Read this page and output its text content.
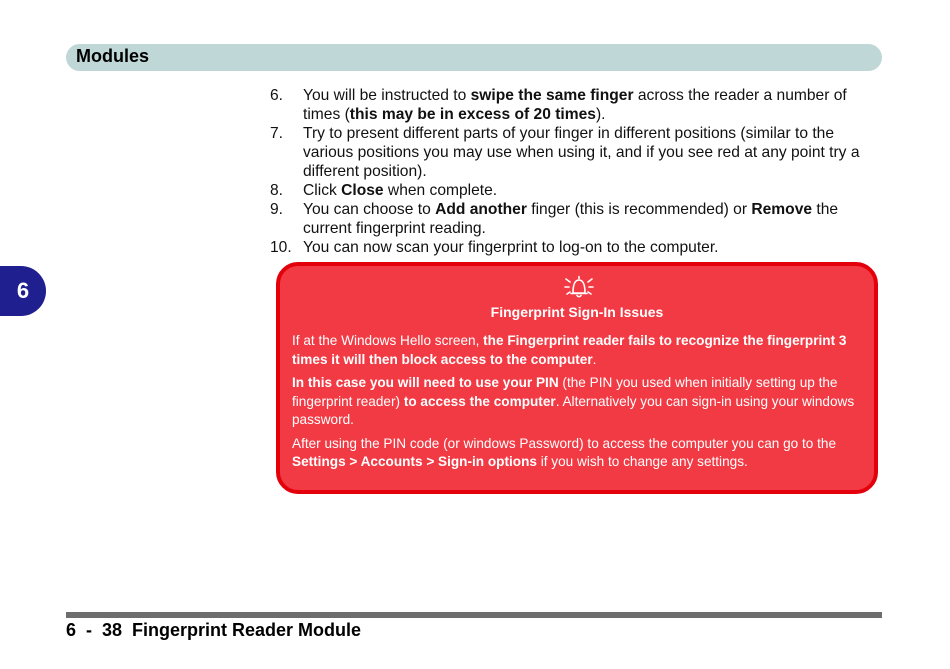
Modules
6
6. You will be instructed to swipe the same finger across the reader a number of times (this may be in excess of 20 times).
7. Try to present different parts of your finger in different positions (similar to the various positions you may use when using it, and if you see red at any point try a different position).
8. Click Close when complete.
9. You can choose to Add another finger (this is recommended) or Remove the current fingerprint reading.
10. You can now scan your fingerprint to log-on to the computer.
Fingerprint Sign-In Issues

If at the Windows Hello screen, the Fingerprint reader fails to recognize the fingerprint 3 times it will then block access to the computer.

In this case you will need to use your PIN (the PIN you used when initially setting up the fingerprint reader) to access the computer. Alternatively you can sign-in using your windows password.

After using the PIN code (or windows Password) to access the computer you can go to the Settings > Accounts > Sign-in options if you wish to change any settings.

6  -  38  Fingerprint Reader Module
